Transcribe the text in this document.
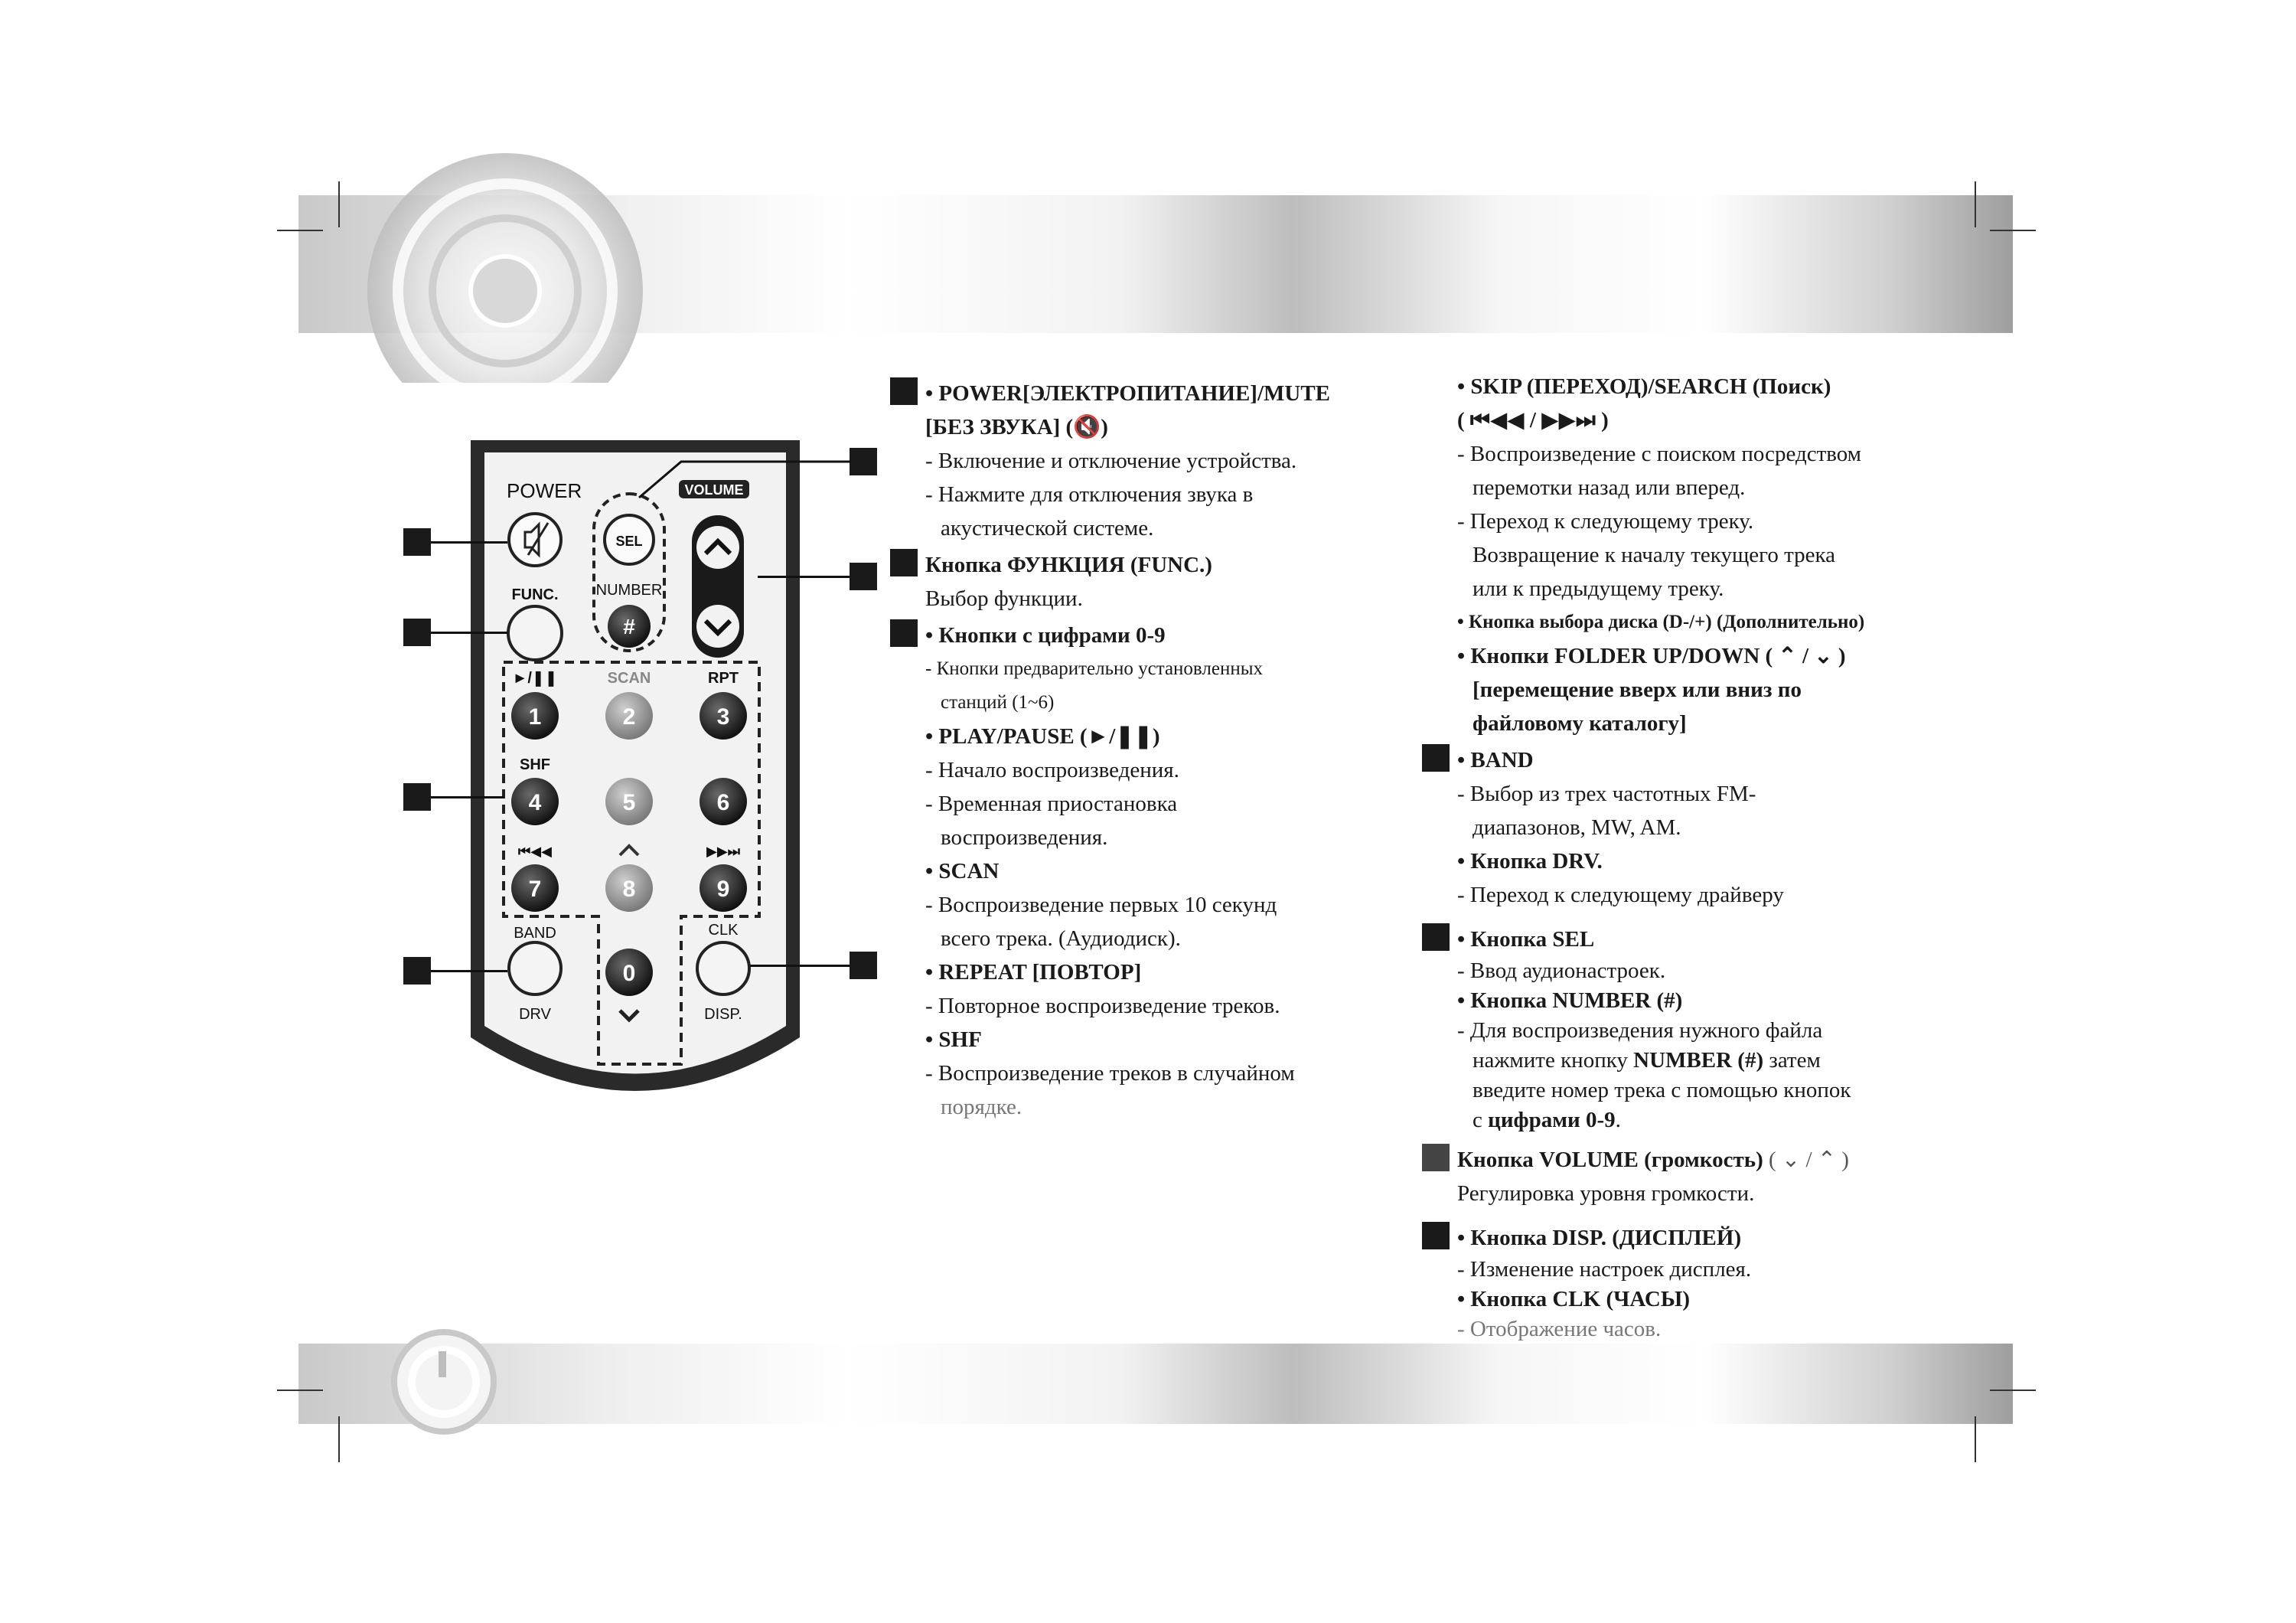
POWER	VOLUME
SEL
NUMBER
#
FUNC.
►/❚❚	SCAN	RPT
1	2	3
SHF
4	5	6
⏮◀◀	▶▶⏭
7	8	9
BAND
DRV
0
CLK
DISP.
• POWER[ЭЛЕКТРОПИТАНИЕ]/MUTE
[БЕЗ ЗВУКА] (🔇)
- Включение и отключение устройства.
- Нажмите для отключения звука в
акустической системе.
Кнопка ФУНКЦИЯ (FUNC.)
Выбор функции.
• Кнопки с цифрами 0-9
- Кнопки предварительно установленных
станций (1~6)
• PLAY/PAUSE (►/❚❚)
- Начало воспроизведения.
- Временная приостановка
воспроизведения.
• SCAN
- Воспроизведение первых 10 секунд
всего трека. (Аудиодиск).
• REPEAT [ПОВТОР]
- Повторное воспроизведение треков.
• SHF
- Воспроизведение треков в случайном
порядке.
• SKIP (ПЕРЕХОД)/SEARCH (Поиск)
( ⏮◀◀ / ▶▶⏭ )
- Воспроизведение с поиском посредством
перемотки назад или вперед.
- Переход к следующему треку.
Возвращение к началу текущего трека
или к предыдущему треку.
• Кнопка выбора диска (D-/+) (Дополнительно)
• Кнопки FOLDER UP/DOWN ( ⌃ / ⌄ )
[перемещение вверх или вниз по
файловому каталогу]
• BAND
- Выбор из трех частотных FM-
диапазонов, MW, AM.
• Кнопка DRV.
- Переход к следующему драйверу
• Кнопка SEL
- Ввод аудионастроек.
• Кнопка NUMBER (#)
- Для воспроизведения нужного файла
нажмите кнопку NUMBER (#) затем
введите номер трека с помощью кнопок
с цифрами 0-9.
Кнопка VOLUME (громкость) ( ⌄ / ⌃ )
Регулировка уровня громкости.
• Кнопка DISP. (ДИСПЛЕЙ)
- Изменение настроек дисплея.
• Кнопка CLK (ЧАСЫ)
- Отображение часов.
